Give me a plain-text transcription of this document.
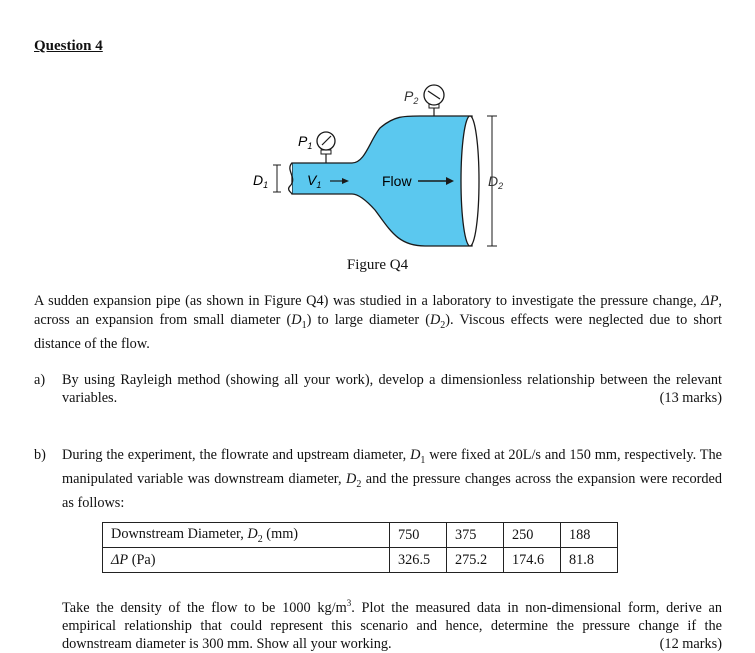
Question 4
$P_1$
$P_2$
$D_1$	$V_1$	Flow	$D_2$
Figure Q4
A sudden expansion pipe (as shown in Figure Q4) was studied in a laboratory to investigate the pressure change, ΔP, across an expansion from small diameter $(D_1)$ to large diameter $(D_2)$. Viscous effects were neglected due to short distance of the flow.
a) By using Rayleigh method (showing all your work), develop a dimensionless relationship between the relevant variables.	(13 marks)
b) During the experiment, the flowrate and upstream diameter, $D_1$ were fixed at 20L/s and 150 mm, respectively. The manipulated variable was downstream diameter, $D_2$ and the pressure changes across the expansion were recorded as follows:
Downstream Diameter, $D_2$ (mm)	750	375	250	188
ΔP (Pa)	326.5	275.2	174.6	81.8
Take the density of the flow to be 1000 $kg/m^3$. Plot the measured data in non-dimensional form, derive an empirical relationship that could represent this scenario and hence, determine the pressure change if the downstream diameter is 300 mm. Show all your working.	(12 marks)
